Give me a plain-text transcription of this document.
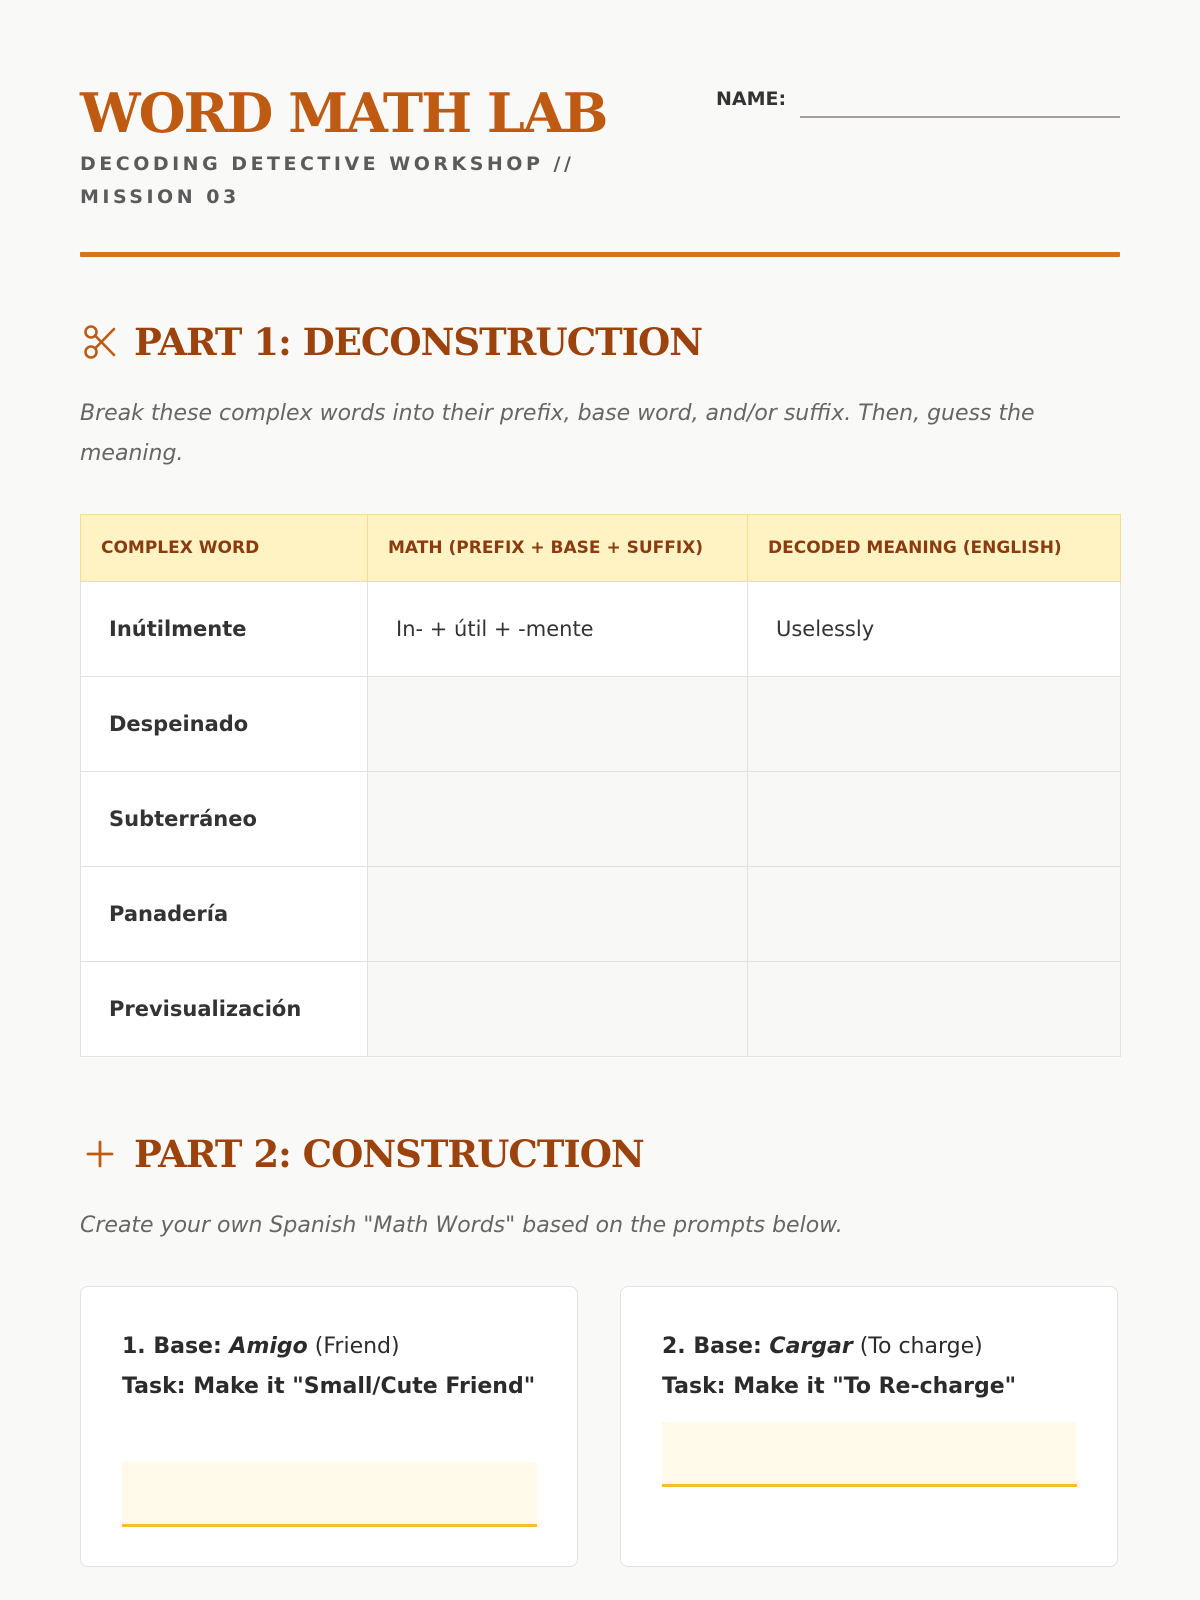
WORD MATH LAB
DECODING DETECTIVE WORKSHOP // MISSION 03
NAME:
PART 1: DECONSTRUCTION
Break these complex words into their prefix, base word, and/or suffix. Then, guess the meaning.
COMPLEX WORD	MATH (PREFIX + BASE + SUFFIX)	DECODED MEANING (ENGLISH)
Inútilmente	In- + útil + -mente	Uselessly
Despeinado		
Subterráneo		
Panadería		
Previsualización		
PART 2: CONSTRUCTION
Create your own Spanish "Math Words" based on the prompts below.
1. Base: Amigo (Friend)
Task: Make it "Small/Cute Friend"
2. Base: Cargar (To charge)
Task: Make it "To Re-charge"
